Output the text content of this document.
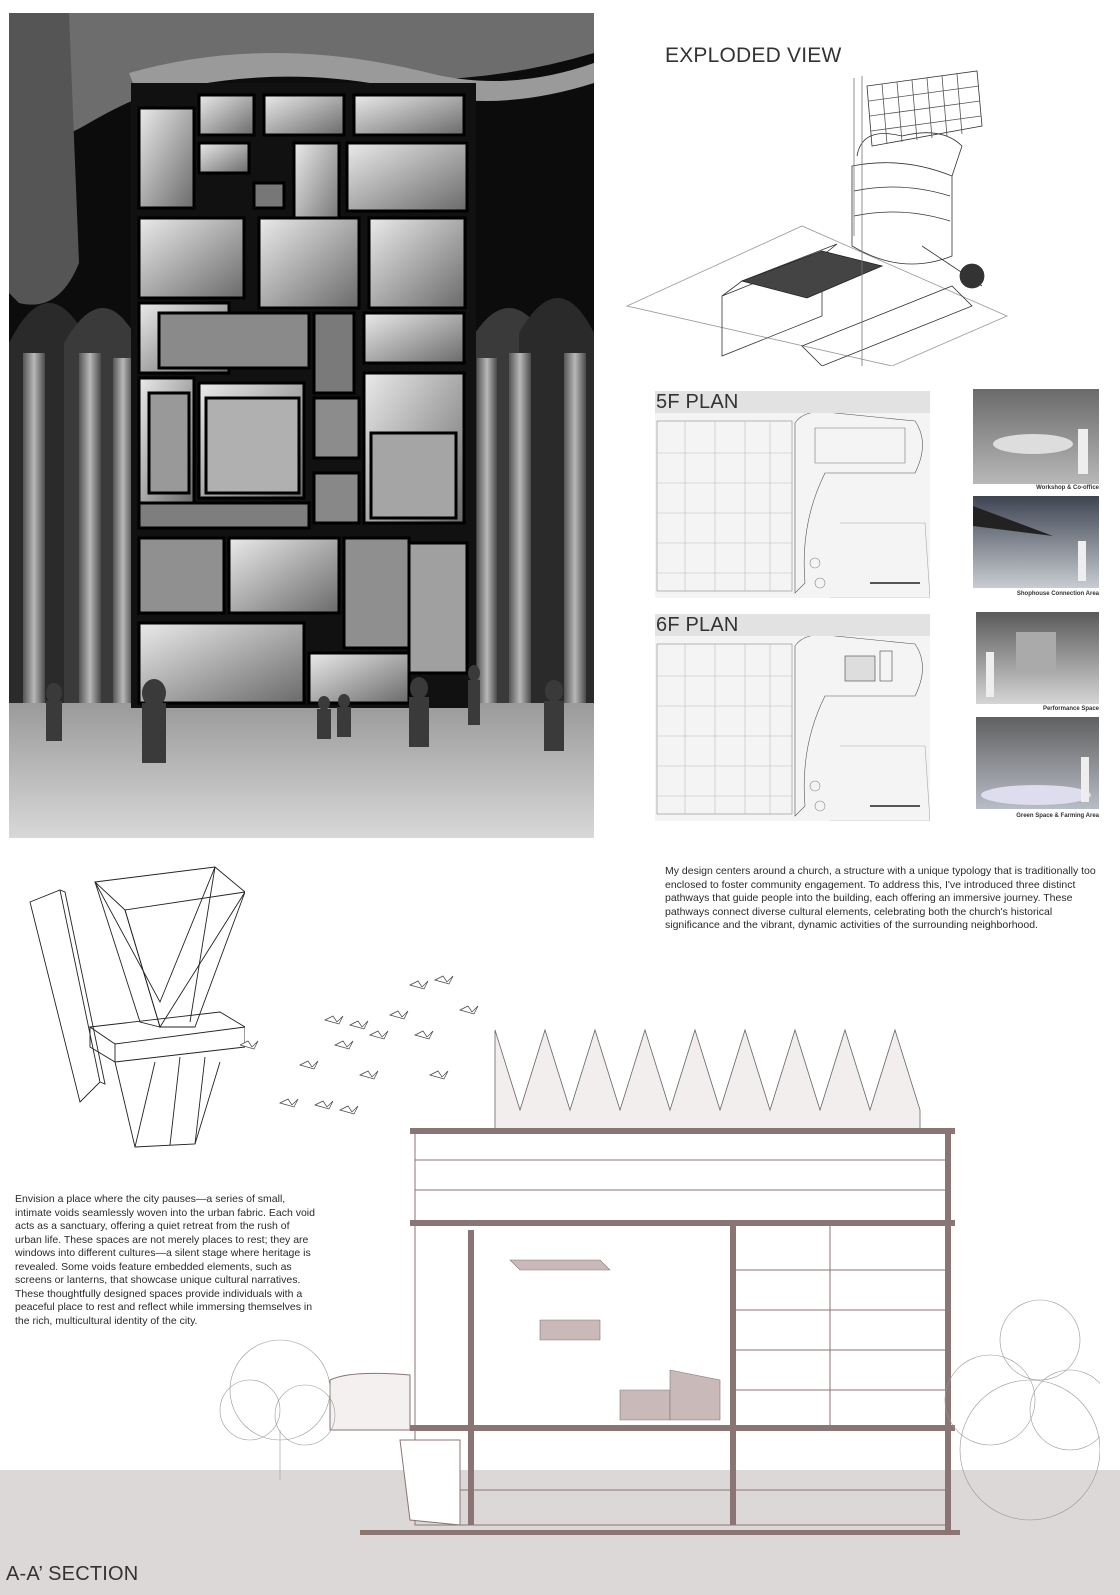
EXPLODED VIEW
5F PLAN
6F PLAN
Workshop & Co-office
Shophouse Connection Area
Performance Space
Green Space & Farming Area
My design centers around a church, a structure with a unique typology that is traditionally too enclosed to foster community engagement. To address this, I've introduced three distinct pathways that guide people into the building, each offering an immersive journey. These pathways connect diverse cultural elements, celebrating both the church's historical significance and the vibrant, dynamic activities of the surrounding neighborhood.
Envision a place where the city pauses—a series of small, intimate voids seamlessly woven into the urban fabric. Each void acts as a sanctuary, offering a quiet retreat from the rush of urban life. These spaces are not merely places to rest; they are windows into different cultures—a silent stage where heritage is revealed. Some voids feature embedded elements, such as screens or lanterns, that showcase unique cultural narratives. These thoughtfully designed spaces provide individuals with a peaceful place to rest and reflect while immersing themselves in the rich, multicultural identity of the city.
A-A’ SECTION
